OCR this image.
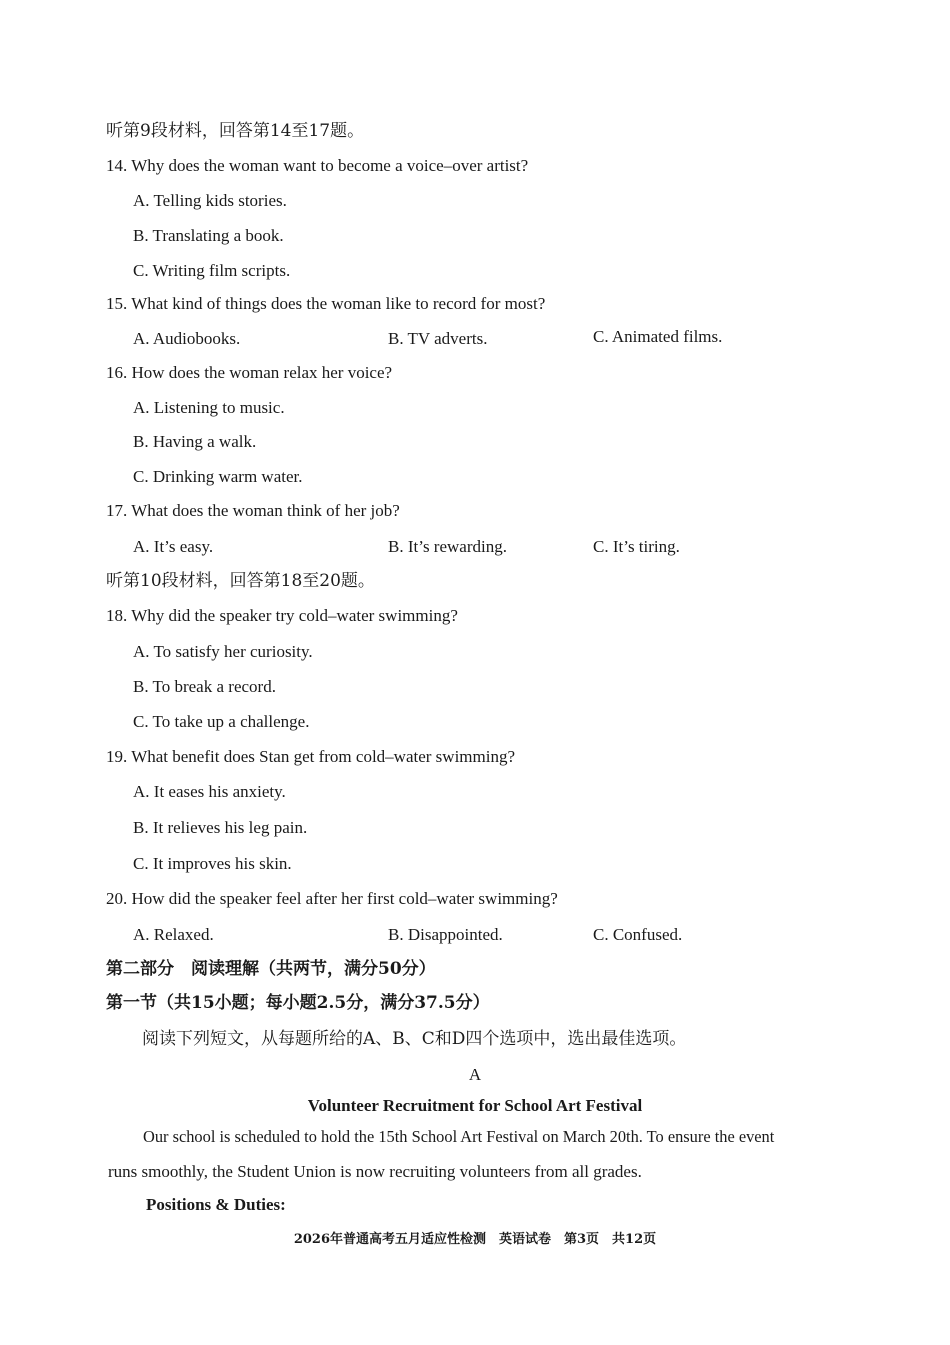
听第9段材料，回答第14至17题。
14. Why does the woman want to become a voice–over artist?
A. Telling kids stories.
B. Translating a book.
C. Writing film scripts.
15. What kind of things does the woman like to record for most?
A. Audiobooks.	B. TV adverts.	C. Animated films.
16. How does the woman relax her voice?
A. Listening to music.
B. Having a walk.
C. Drinking warm water.
17. What does the woman think of her job?
A. It’s easy.	B. It’s rewarding.	C. It’s tiring.
听第10段材料，回答第18至20题。
18. Why did the speaker try cold–water swimming?
A. To satisfy her curiosity.
B. To break a record.
C. To take up a challenge.
19. What benefit does Stan get from cold–water swimming?
A. It eases his anxiety.
B. It relieves his leg pain.
C. It improves his skin.
20. How did the speaker feel after her first cold–water swimming?
A. Relaxed.	B. Disappointed.	C. Confused.
第二部分　阅读理解（共两节，满分50分）
第一节（共15小题；每小题2.5分，满分37.5分）
阅读下列短文，从每题所给的A、B、C和D四个选项中，选出最佳选项。
A
Volunteer Recruitment for School Art Festival
Our school is scheduled to hold the 15th School Art Festival on March 20th. To ensure the event
runs smoothly, the Student Union is now recruiting volunteers from all grades.
Positions & Duties:
2026年普通高考五月适应性检测　英语试卷　第3页　共12页
